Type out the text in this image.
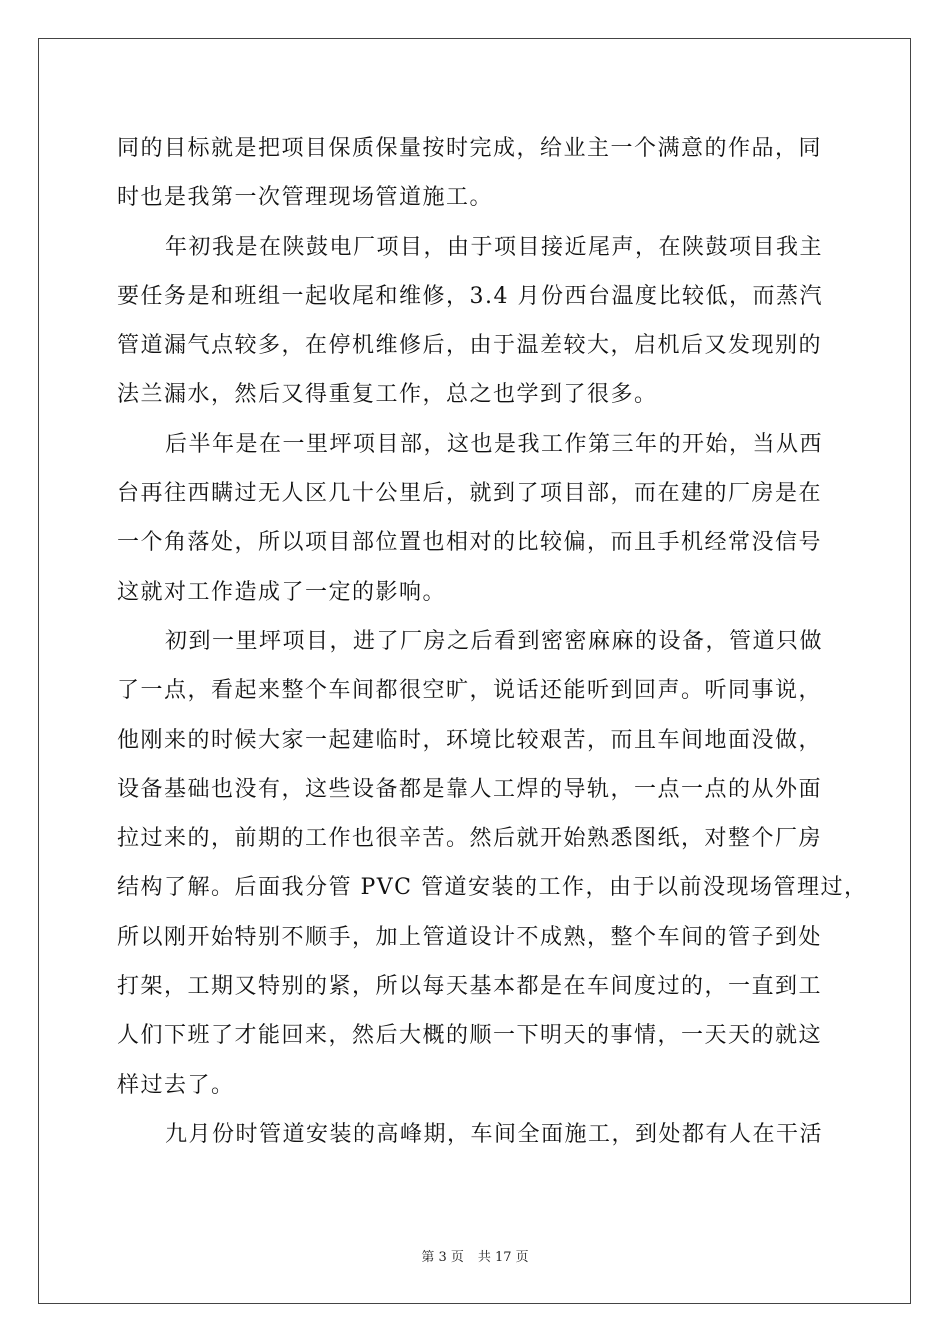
同的目标就是把项目保质保量按时完成，给业主一个满意的作品，同
时也是我第一次管理现场管道施工。
年初我是在陕鼓电厂项目，由于项目接近尾声，在陕鼓项目我主
要任务是和班组一起收尾和维修，3.4 月份西台温度比较低，而蒸汽
管道漏气点较多，在停机维修后，由于温差较大，启机后又发现别的
法兰漏水，然后又得重复工作，总之也学到了很多。
后半年是在一里坪项目部，这也是我工作第三年的开始，当从西
台再往西瞒过无人区几十公里后，就到了项目部，而在建的厂房是在
一个角落处，所以项目部位置也相对的比较偏，而且手机经常没信号
这就对工作造成了一定的影响。
初到一里坪项目，进了厂房之后看到密密麻麻的设备，管道只做
了一点，看起来整个车间都很空旷，说话还能听到回声。听同事说，
他刚来的时候大家一起建临时，环境比较艰苦，而且车间地面没做，
设备基础也没有，这些设备都是靠人工焊的导轨，一点一点的从外面
拉过来的，前期的工作也很辛苦。然后就开始熟悉图纸，对整个厂房
结构了解。后面我分管 PVC 管道安装的工作，由于以前没现场管理过，
所以刚开始特别不顺手，加上管道设计不成熟，整个车间的管子到处
打架，工期又特别的紧，所以每天基本都是在车间度过的，一直到工
人们下班了才能回来，然后大概的顺一下明天的事情，一天天的就这
样过去了。
九月份时管道安装的高峰期，车间全面施工，到处都有人在干活
第 3 页 共 17 页
